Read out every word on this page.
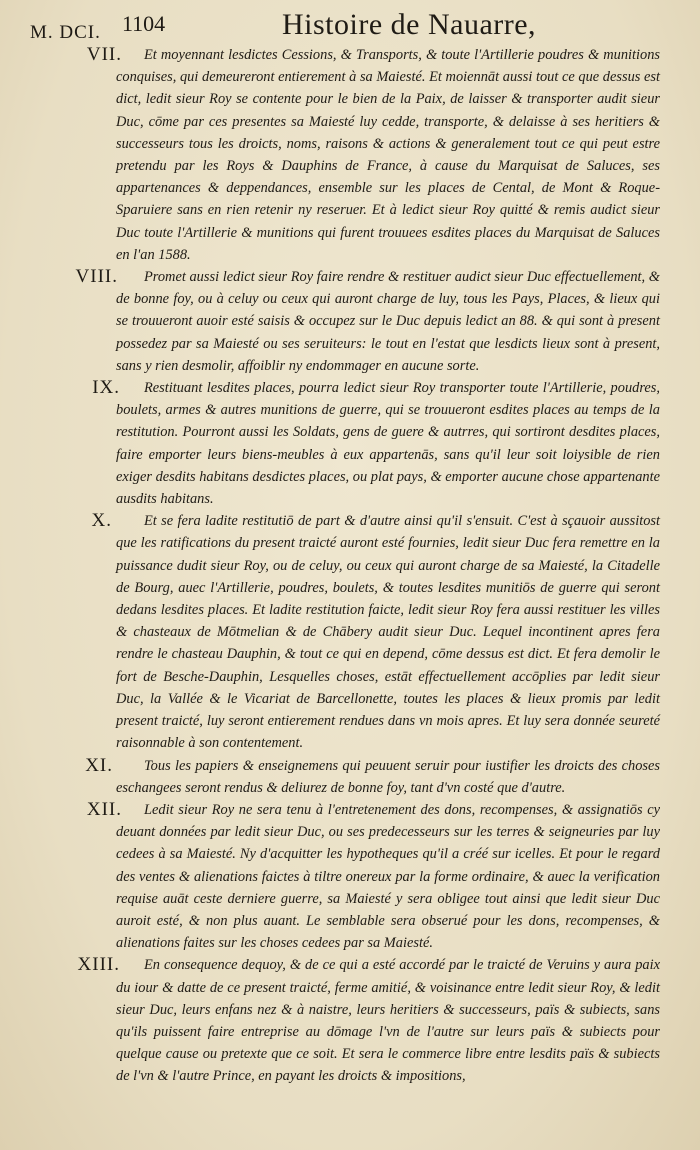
M. DCI. 1104	Histoire de Nauarre,
VII.	Et moyennant lesdictes Cessions, & Transports, & toute l'Artillerie poudres & munitions conquises, qui demeureront entierement à sa Maiesté. Et moiennāt aussi tout ce que dessus est dict, ledit sieur Roy se contente pour le bien de la Paix, de laisser & transporter audit sieur Duc, cōme par ces presentes sa Maiesté luy cedde, transporte, & delaisse à ses heritiers & successeurs tous les droicts, noms, raisons & actions & generalement tout ce qui peut estre pretendu par les Roys & Dauphins de France, à cause du Marquisat de Saluces, ses appartenances & deppendances, ensemble sur les places de Cental, de Mont & Roque-Sparuiere sans en rien retenir ny reseruer. Et à ledict sieur Roy quitté & remis audict sieur Duc toute l'Artillerie & munitions qui furent trouuees esdites places du Marquisat de Saluces en l'an 1588.
VIII.	Promet aussi ledict sieur Roy faire rendre & restituer audict sieur Duc effectuellement, & de bonne foy, ou à celuy ou ceux qui auront charge de luy, tous les Pays, Places, & lieux qui se trouueront auoir esté saisis & occupez sur le Duc depuis ledict an 88. & qui sont à present possedez par sa Maiesté ou ses seruiteurs: le tout en l'estat que lesdicts lieux sont à present, sans y rien desmolir, affoiblir ny endommager en aucune sorte.
IX.	Restituant lesdites places, pourra ledict sieur Roy transporter toute l'Artillerie, poudres, boulets, armes & autres munitions de guerre, qui se trouueront esdites places au temps de la restitution. Pourront aussi les Soldats, gens de guere & autrres, qui sortiront desdites places, faire emporter leurs biens-meubles à eux appartenās, sans qu'il leur soit loiysible de rien exiger desdits habitans desdictes places, ou plat pays, & emporter aucune chose appartenante ausdits habitans.
X.	Et se fera ladite restitutiō de part & d'autre ainsi qu'il s'ensuit. C'est à sçauoir aussitost que les ratifications du present traicté auront esté fournies, ledit sieur Duc fera remettre en la puissance dudit sieur Roy, ou de celuy, ou ceux qui auront charge de sa Maiesté, la Citadelle de Bourg, auec l'Artillerie, poudres, boulets, & toutes lesdites munitiōs de guerre qui seront dedans lesdites places. Et ladite restitution faicte, ledit sieur Roy fera aussi restituer les villes & chasteaux de Mōtmelian & de Chābery audit sieur Duc. Lequel incontinent apres fera rendre le chasteau Dauphin, & tout ce qui en depend, cōme dessus est dict. Et fera demolir le fort de Besche-Dauphin, Lesquelles choses, estāt effectuellement accōplies par ledit sieur Duc, la Vallée & le Vicariat de Barcellonette, toutes les places & lieux promis par ledit present traicté, luy seront entierement rendues dans vn mois apres. Et luy sera donnée seureté raisonnable à son contentement.
XI.	Tous les papiers & enseignemens qui peuuent seruir pour iustifier les droicts des choses eschangees seront rendus & deliurez de bonne foy, tant d'vn costé que d'autre.
XII.	Ledit sieur Roy ne sera tenu à l'entretenement des dons, recompenses, & assignatiōs cy deuant données par ledit sieur Duc, ou ses predecesseurs sur les terres & seigneuries par luy cedees à sa Maiesté. Ny d'acquitter les hypotheques qu'il a créé sur icelles. Et pour le regard des ventes & alienations faictes à tiltre onereux par la forme ordinaire, & auec la verification requise auāt ceste derniere guerre, sa Maiesté y sera obligee tout ainsi que ledit sieur Duc auroit esté, & non plus auant. Le semblable sera obserué pour les dons, recompenses, & alienations faites sur les choses cedees par sa Maiesté.
XIII.	En consequence dequoy, & de ce qui a esté accordé par le traicté de Veruins y aura paix du iour & datte de ce present traicté, ferme amitié, & voisinance entre ledit sieur Roy, & ledit sieur Duc, leurs enfans nez & à naistre, leurs heritiers & successeurs, païs & subiects, sans qu'ils puissent faire entreprise au dōmage l'vn de l'autre sur leurs païs & subiects pour quelque cause ou pretexte que ce soit. Et sera le commerce libre entre lesdits païs & subiects de l'vn & l'autre Prince, en payant les droicts & impositions,
